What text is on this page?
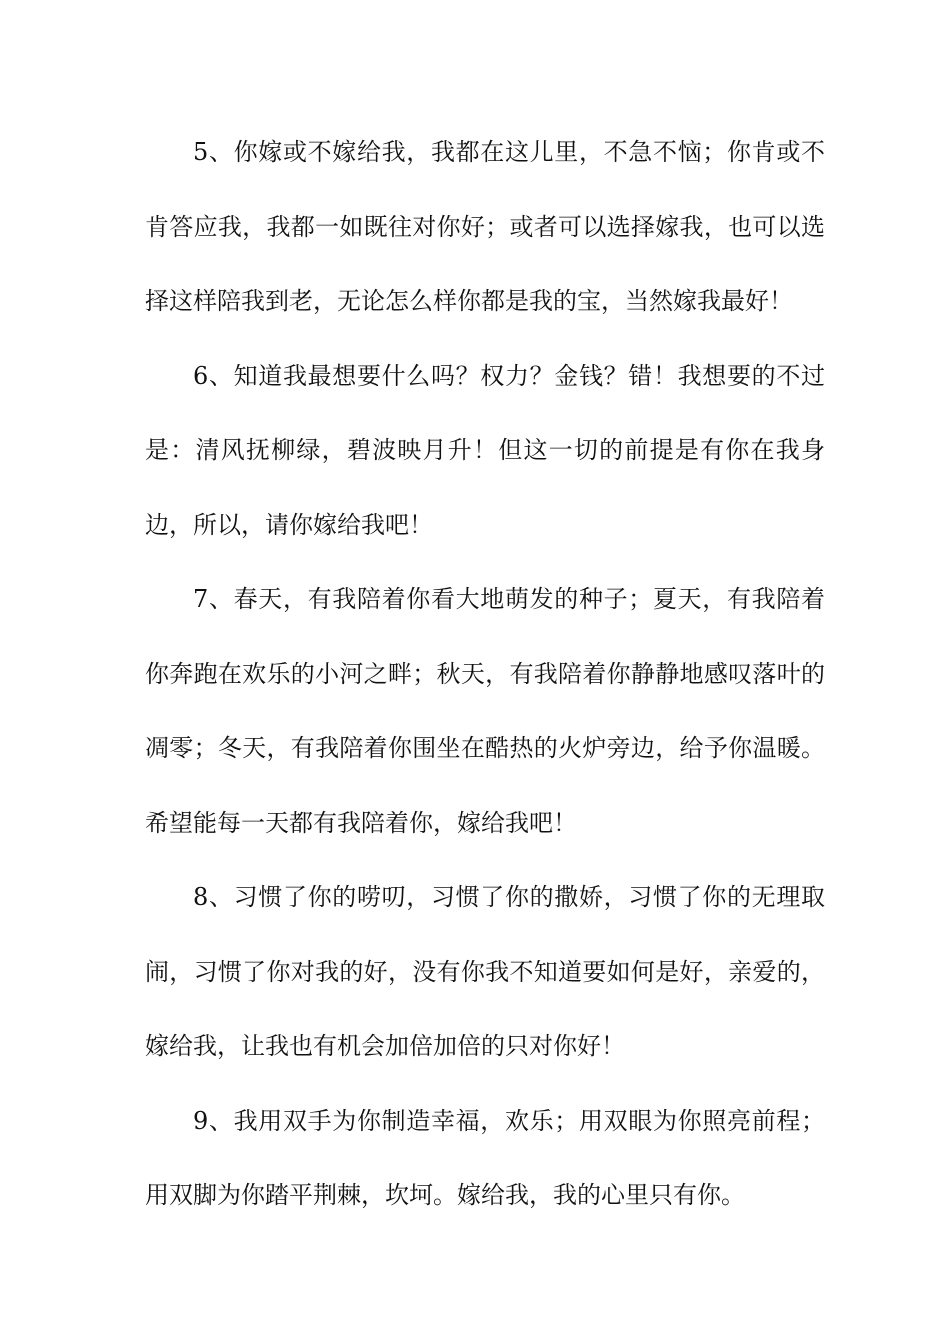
5、你嫁或不嫁给我，我都在这儿里，不急不恼；你肯或不肯答应我，我都一如既往对你好；或者可以选择嫁我，也可以选择这样陪我到老，无论怎么样你都是我的宝，当然嫁我最好！

6、知道我最想要什么吗？权力？金钱？错！我想要的不过是：清风抚柳绿，碧波映月升！但这一切的前提是有你在我身边，所以，请你嫁给我吧！

7、春天，有我陪着你看大地萌发的种子；夏天，有我陪着你奔跑在欢乐的小河之畔；秋天，有我陪着你静静地感叹落叶的凋零；冬天，有我陪着你围坐在酷热的火炉旁边，给予你温暖。希望能每一天都有我陪着你，嫁给我吧！

8、习惯了你的唠叨，习惯了你的撒娇，习惯了你的无理取闹，习惯了你对我的好，没有你我不知道要如何是好，亲爱的，嫁给我，让我也有机会加倍加倍的只对你好！

9、我用双手为你制造幸福，欢乐；用双眼为你照亮前程；用双脚为你踏平荆棘，坎坷。嫁给我，我的心里只有你。
